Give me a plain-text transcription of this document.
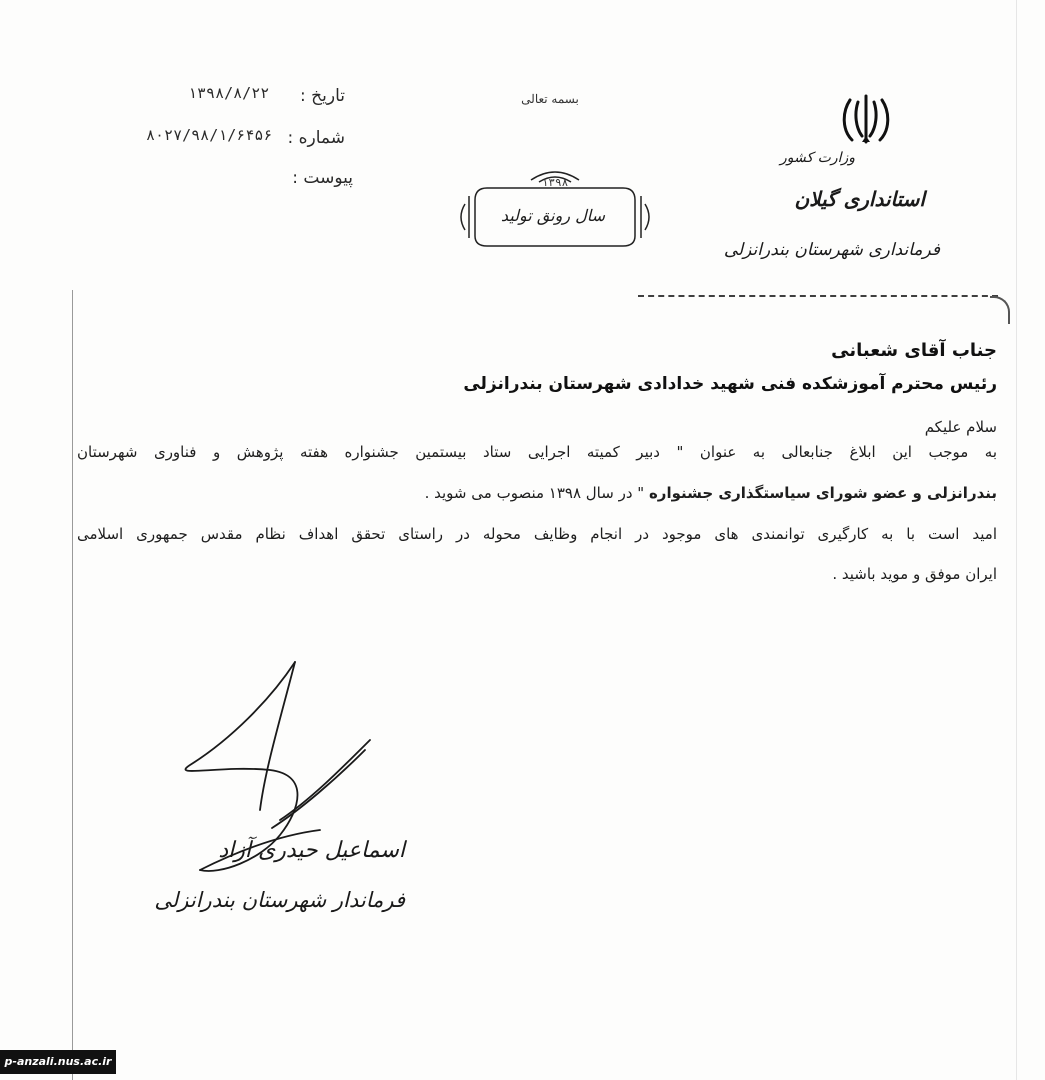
تاریخ :
۱۳۹۸/۸/۲۲
شماره :
۸۰۲۷/۹۸/۱/۶۴۵۶
پیوست :
بسمه تعالی
وزارت کشور
استانداری گیلان
فرمانداری شهرستان بندرانزلی
۱۳۹۸
سال رونق تولید
جناب آقای شعبانی
رئیس محترم آموزشکده فنی شهید خدادادی شهرستان بندرانزلی
سلام علیکم
به موجب این ابلاغ جنابعالی به عنوان " دبیر کمیته اجرایی ستاد بیستمین جشنواره هفته پژوهش و فناوری شهرستان
بندرانزلی و عضو شورای سیاستگذاری جشنواره " در سال ۱۳۹۸ منصوب می شوید .
امید است با به کارگیری توانمندی های موجود در انجام وظایف محوله در راستای تحقق اهداف نظام مقدس جمهوری اسلامی
ایران موفق و موید باشید .
اسماعیل حیدری آزاد
فرماندار شهرستان بندرانزلی
p-anzali.nus.ac.ir
